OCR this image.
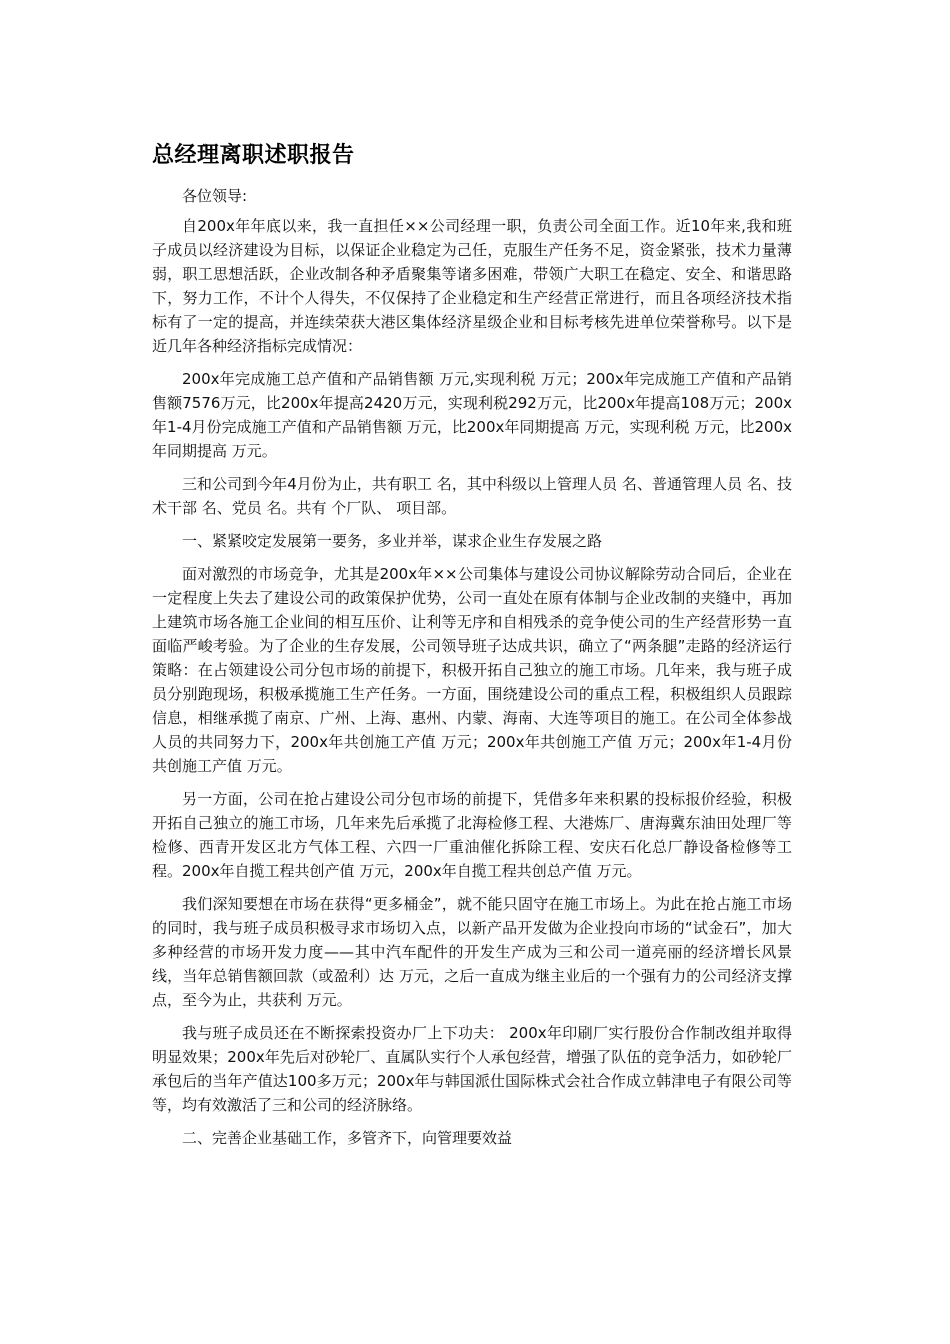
总经理离职述职报告

各位领导:

自200x年年底以来，我一直担任××公司经理一职，负责公司全面工作。近10年来,我和班子成员以经济建设为目标，以保证企业稳定为己任，克服生产任务不足，资金紧张，技术力量薄弱，职工思想活跃，企业改制各种矛盾聚集等诸多困难，带领广大职工在稳定、安全、和谐思路下，努力工作，不计个人得失，不仅保持了企业稳定和生产经营正常进行，而且各项经济技术指标有了一定的提高，并连续荣获大港区集体经济星级企业和目标考核先进单位荣誉称号。以下是近几年各种经济指标完成情况：

200x年完成施工总产值和产品销售额 万元,实现利税 万元；200x年完成施工产值和产品销售额7576万元，比200x年提高2420万元，实现利税292万元，比200x年提高108万元；200x年1-4月份完成施工产值和产品销售额 万元，比200x年同期提高 万元，实现利税 万元，比200x年同期提高 万元。

三和公司到今年4月份为止，共有职工 名，其中科级以上管理人员 名、普通管理人员 名、技术干部 名、党员 名。共有 个厂队、 项目部。

一、紧紧咬定发展第一要务，多业并举，谋求企业生存发展之路

面对激烈的市场竞争，尤其是200x年××公司集体与建设公司协议解除劳动合同后，企业在一定程度上失去了建设公司的政策保护优势，公司一直处在原有体制与企业改制的夹缝中，再加上建筑市场各施工企业间的相互压价、让利等无序和自相残杀的竞争使公司的生产经营形势一直面临严峻考验。为了企业的生存发展，公司领导班子达成共识，确立了“两条腿”走路的经济运行策略：在占领建设公司分包市场的前提下，积极开拓自己独立的施工市场。几年来，我与班子成员分别跑现场，积极承揽施工生产任务。一方面，围绕建设公司的重点工程，积极组织人员跟踪信息，相继承揽了南京、广州、上海、惠州、内蒙、海南、大连等项目的施工。在公司全体参战人员的共同努力下，200x年共创施工产值 万元；200x年共创施工产值 万元；200x年1-4月份共创施工产值 万元。

另一方面，公司在抢占建设公司分包市场的前提下，凭借多年来积累的投标报价经验，积极开拓自己独立的施工市场，几年来先后承揽了北海检修工程、大港炼厂、唐海冀东油田处理厂等检修、西青开发区北方气体工程、六四一厂重油催化拆除工程、安庆石化总厂静设备检修等工程。200x年自揽工程共创产值 万元，200x年自揽工程共创总产值 万元。

我们深知要想在市场在获得“更多桶金”，就不能只固守在施工市场上。为此在抢占施工市场的同时，我与班子成员积极寻求市场切入点，以新产品开发做为企业投向市场的“试金石”，加大多种经营的市场开发力度——其中汽车配件的开发生产成为三和公司一道亮丽的经济增长风景线，当年总销售额回款（或盈利）达 万元，之后一直成为继主业后的一个强有力的公司经济支撑点，至今为止，共获利 万元。

我与班子成员还在不断探索投资办厂上下功夫： 200x年印刷厂实行股份合作制改组并取得明显效果；200x年先后对砂轮厂、直属队实行个人承包经营，增强了队伍的竞争活力，如砂轮厂承包后的当年产值达100多万元；200x年与韩国派仕国际株式会社合作成立韩津电子有限公司等等，均有效激活了三和公司的经济脉络。

二、完善企业基础工作，多管齐下，向管理要效益
